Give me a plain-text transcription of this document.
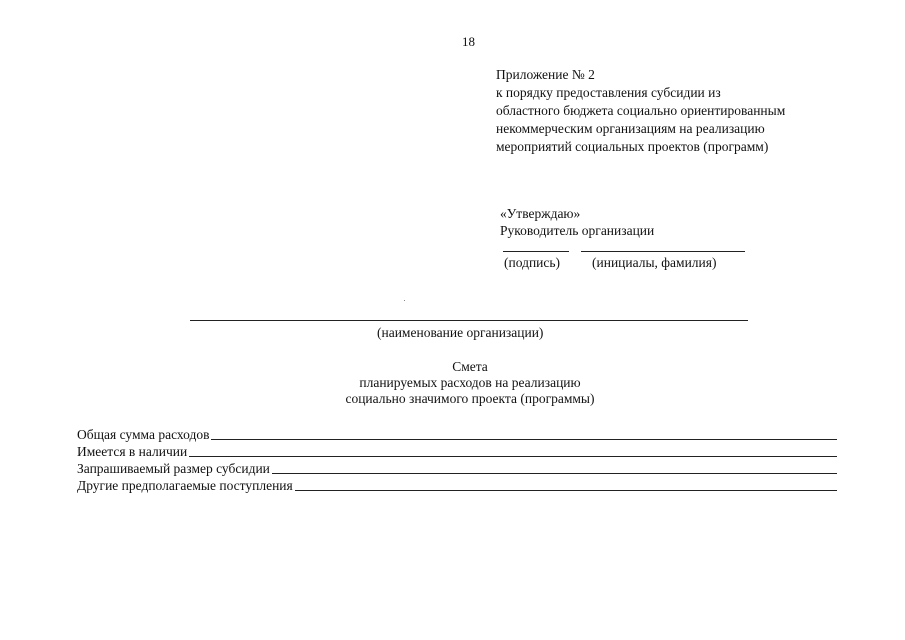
18
Приложение № 2
к порядку предоставления субсидии из
областного бюджета социально ориентированным
некоммерческим организациям на реализацию
мероприятий социальных проектов (программ)
«Утверждаю»
Руководитель организации
(подпись) (инициалы, фамилия)
(наименование организации)
Смета
планируемых расходов на реализацию
социально значимого проекта (программы)
Общая сумма расходов
Имеется в наличии
Запрашиваемый размер субсидии
Другие предполагаемые поступления
